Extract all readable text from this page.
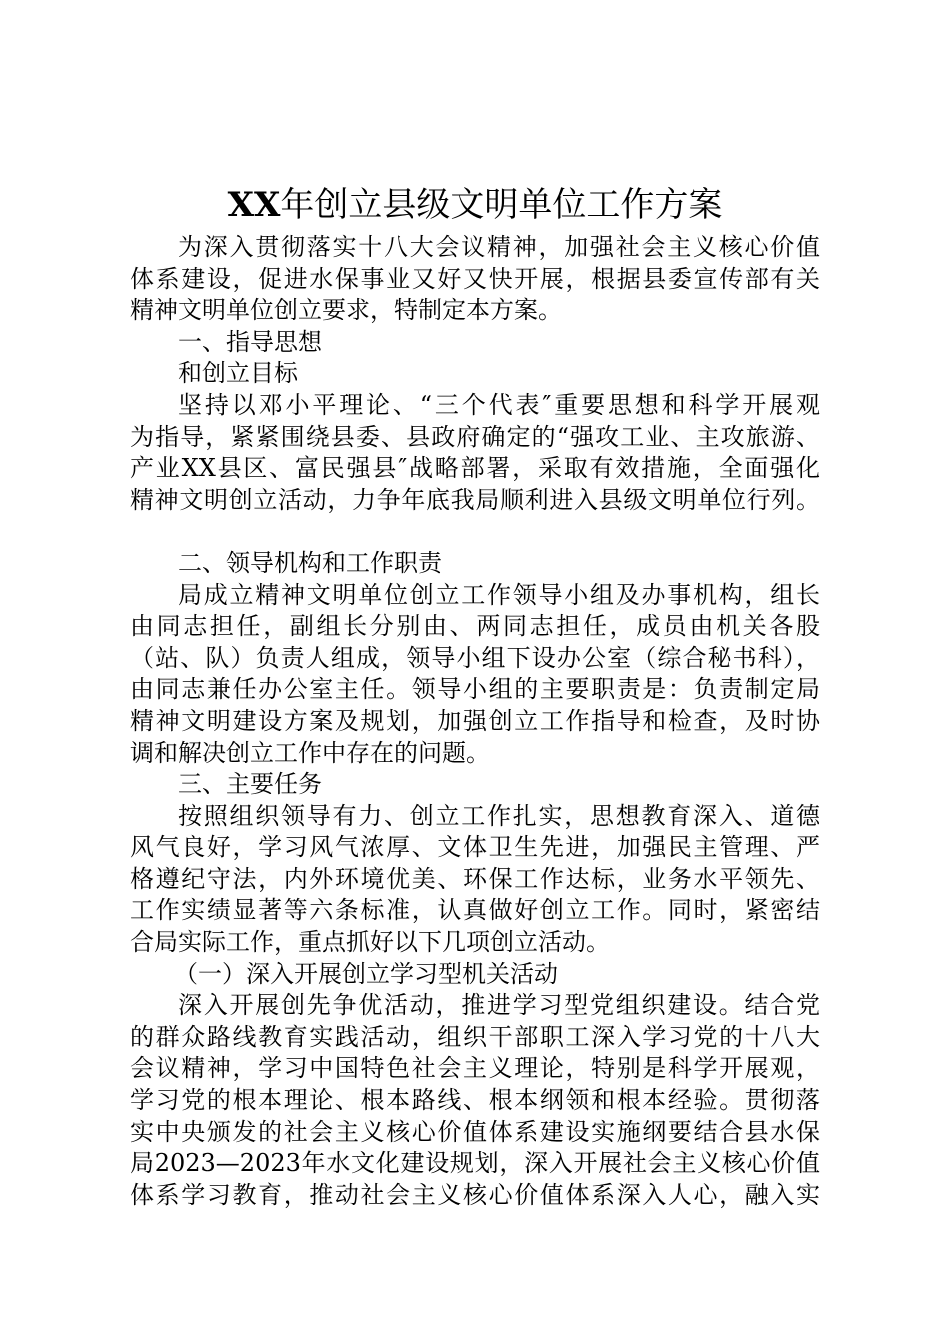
XX年创立县级文明单位工作方案
为深入贯彻落实十八大会议精神，加强社会主义核心价值
体系建设，促进水保事业又好又快开展，根据县委宣传部有关
精神文明单位创立要求，特制定本方案。
一、指导思想
和创立目标
坚持以邓小平理论、“三个代表″重要思想和科学开展观
为指导，紧紧围绕县委、县政府确定的“强攻工业、主攻旅游、
产业XX县区、富民强县″战略部署，采取有效措施，全面强化
精神文明创立活动，力争年底我局顺利进入县级文明单位行列。
二、领导机构和工作职责
局成立精神文明单位创立工作领导小组及办事机构，组长
由同志担任，副组长分别由、两同志担任，成员由机关各股
（站、队）负责人组成，领导小组下设办公室（综合秘书科），
由同志兼任办公室主任。领导小组的主要职责是：负责制定局
精神文明建设方案及规划，加强创立工作指导和检查，及时协
调和解决创立工作中存在的问题。
三、主要任务
按照组织领导有力、创立工作扎实，思想教育深入、道德
风气良好，学习风气浓厚、文体卫生先进，加强民主管理、严
格遵纪守法，内外环境优美、环保工作达标，业务水平领先、
工作实绩显著等六条标准，认真做好创立工作。同时，紧密结
合局实际工作，重点抓好以下几项创立活动。
（一）深入开展创立学习型机关活动
深入开展创先争优活动，推进学习型党组织建设。结合党
的群众路线教育实践活动，组织干部职工深入学习党的十八大
会议精神，学习中国特色社会主义理论，特别是科学开展观，
学习党的根本理论、根本路线、根本纲领和根本经验。贯彻落
实中央颁发的社会主义核心价值体系建设实施纲要结合县水保
局2023—2023年水文化建设规划，深入开展社会主义核心价值
体系学习教育，推动社会主义核心价值体系深入人心，融入实
